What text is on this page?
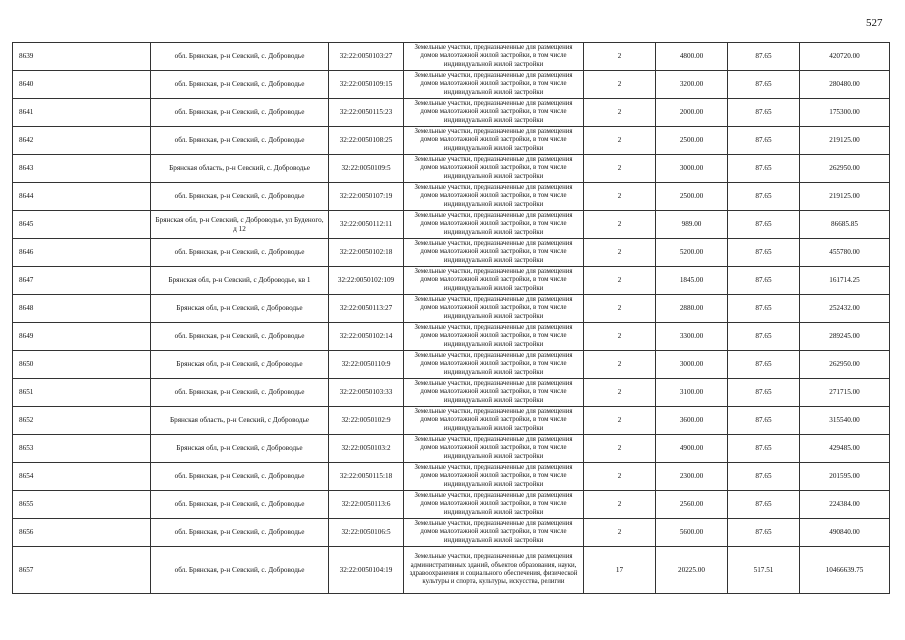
527
8639	обл. Брянская, р-н Севский, с. Доброводье	32:22:0050103:27	Земельные участки, предназначенные для размещения домов малоэтажной жилой застройки, в том числе индивидуальной жилой застройки	2	4800.00	87.65	420720.00
8640	обл. Брянская, р-н Севский, с. Доброводье	32:22:0050109:15	Земельные участки, предназначенные для размещения домов малоэтажной жилой застройки, в том числе индивидуальной жилой застройки	2	3200.00	87.65	280480.00
8641	обл. Брянская, р-н Севский, с. Доброводье	32:22:0050115:23	Земельные участки, предназначенные для размещения домов малоэтажной жилой застройки, в том числе индивидуальной жилой застройки	2	2000.00	87.65	175300.00
8642	обл. Брянская, р-н Севский, с. Доброводье	32:22:0050108:25	Земельные участки, предназначенные для размещения домов малоэтажной жилой застройки, в том числе индивидуальной жилой застройки	2	2500.00	87.65	219125.00
8643	Брянская область, р-н Севский, с. Доброводье	32:22:0050109:5	Земельные участки, предназначенные для размещения домов малоэтажной жилой застройки, в том числе индивидуальной жилой застройки	2	3000.00	87.65	262950.00
8644	обл. Брянская, р-н Севский, с. Доброводье	32:22:0050107:19	Земельные участки, предназначенные для размещения домов малоэтажной жилой застройки, в том числе индивидуальной жилой застройки	2	2500.00	87.65	219125.00
8645	Брянская обл, р-н Севский, с Доброводье, ул Буденого, д 12	32:22:0050112:11	Земельные участки, предназначенные для размещения домов малоэтажной жилой застройки, в том числе индивидуальной жилой застройки	2	989.00	87.65	86685.85
8646	обл. Брянская, р-н Севский, с. Доброводье	32:22:0050102:18	Земельные участки, предназначенные для размещения домов малоэтажной жилой застройки, в том числе индивидуальной жилой застройки	2	5200.00	87.65	455780.00
8647	Брянская обл, р-н Севский, с Доброводье, кв 1	32:22:0050102:109	Земельные участки, предназначенные для размещения домов малоэтажной жилой застройки, в том числе индивидуальной жилой застройки	2	1845.00	87.65	161714.25
8648	Брянская обл, р-н Севский, с Доброводье	32:22:0050113:27	Земельные участки, предназначенные для размещения домов малоэтажной жилой застройки, в том числе индивидуальной жилой застройки	2	2880.00	87.65	252432.00
8649	обл. Брянская, р-н Севский, с. Доброводье	32:22:0050102:14	Земельные участки, предназначенные для размещения домов малоэтажной жилой застройки, в том числе индивидуальной жилой застройки	2	3300.00	87.65	289245.00
8650	Брянская обл, р-н Севский, с Доброводье	32:22:0050110:9	Земельные участки, предназначенные для размещения домов малоэтажной жилой застройки, в том числе индивидуальной жилой застройки	2	3000.00	87.65	262950.00
8651	обл. Брянская, р-н Севский, с. Доброводье	32:22:0050103:33	Земельные участки, предназначенные для размещения домов малоэтажной жилой застройки, в том числе индивидуальной жилой застройки	2	3100.00	87.65	271715.00
8652	Брянская область, р-н Севский, с Доброводье	32:22:0050102:9	Земельные участки, предназначенные для размещения домов малоэтажной жилой застройки, в том числе индивидуальной жилой застройки	2	3600.00	87.65	315540.00
8653	Брянская обл, р-н Севский, с Доброводье	32:22:0050103:2	Земельные участки, предназначенные для размещения домов малоэтажной жилой застройки, в том числе индивидуальной жилой застройки	2	4900.00	87.65	429485.00
8654	обл. Брянская, р-н Севский, с. Доброводье	32:22:0050115:18	Земельные участки, предназначенные для размещения домов малоэтажной жилой застройки, в том числе индивидуальной жилой застройки	2	2300.00	87.65	201595.00
8655	обл. Брянская, р-н Севский, с. Доброводье	32:22:0050113:6	Земельные участки, предназначенные для размещения домов малоэтажной жилой застройки, в том числе индивидуальной жилой застройки	2	2560.00	87.65	224384.00
8656	обл. Брянская, р-н Севский, с. Доброводье	32:22:0050106:5	Земельные участки, предназначенные для размещения домов малоэтажной жилой застройки, в том числе индивидуальной жилой застройки	2	5600.00	87.65	490840.00
8657	обл. Брянская, р-н Севский, с. Доброводье	32:22:0050104:19	Земельные участки, предназначенные для размещения административных зданий, объектов образования, науки, здравоохранения и социального обеспечения, физической культуры и спорта, культуры, искусства, религии	17	20225.00	517.51	10466639.75
